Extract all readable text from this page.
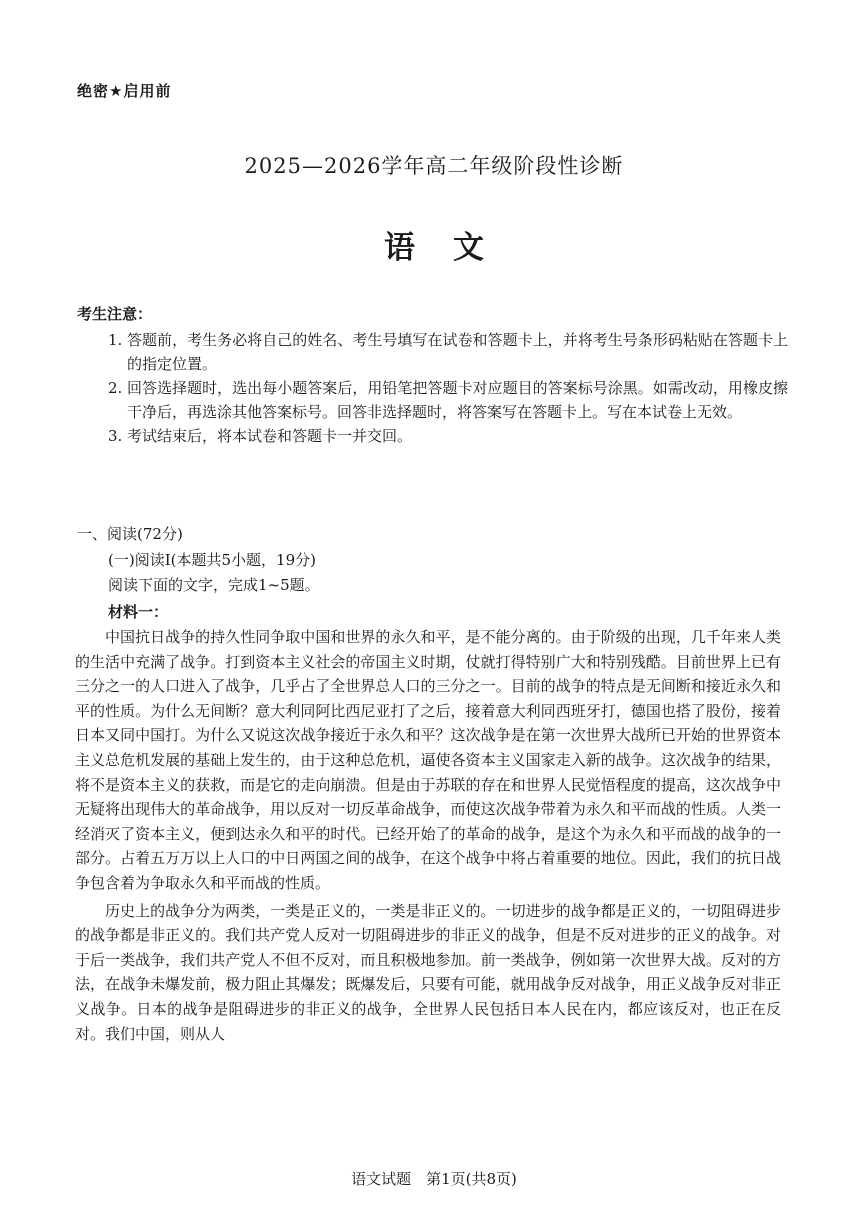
绝密★启用前
2025—2026学年高二年级阶段性诊断
语文
考生注意：
1. 答题前，考生务必将自己的姓名、考生号填写在试卷和答题卡上，并将考生号条形码粘贴在答题卡上的指定位置。
2. 回答选择题时，选出每小题答案后，用铅笔把答题卡对应题目的答案标号涂黑。如需改动，用橡皮擦干净后，再选涂其他答案标号。回答非选择题时，将答案写在答题卡上。写在本试卷上无效。
3. 考试结束后，将本试卷和答题卡一并交回。
一、阅读(72分)
(一)阅读Ⅰ(本题共5小题，19分)
阅读下面的文字，完成1~5题。
材料一：

中国抗日战争的持久性同争取中国和世界的永久和平，是不能分离的。由于阶级的出现，几千年来人类的生活中充满了战争。打到资本主义社会的帝国主义时期，仗就打得特别广大和特别残酷。目前世界上已有三分之一的人口进入了战争，几乎占了全世界总人口的三分之一。目前的战争的特点是无间断和接近永久和平的性质。为什么无间断？意大利同阿比西尼亚打了之后，接着意大利同西班牙打，德国也搭了股份，接着日本又同中国打。为什么又说这次战争接近于永久和平？这次战争是在第一次世界大战所已开始的世界资本主义总危机发展的基础上发生的，由于这种总危机，逼使各资本主义国家走入新的战争。这次战争的结果，将不是资本主义的获救，而是它的走向崩溃。但是由于苏联的存在和世界人民觉悟程度的提高，这次战争中无疑将出现伟大的革命战争，用以反对一切反革命战争，而使这次战争带着为永久和平而战的性质。人类一经消灭了资本主义，便到达永久和平的时代。已经开始了的革命的战争，是这个为永久和平而战的战争的一部分。占着五万万以上人口的中日两国之间的战争，在这个战争中将占着重要的地位。因此，我们的抗日战争包含着为争取永久和平而战的性质。

历史上的战争分为两类，一类是正义的，一类是非正义的。一切进步的战争都是正义的，一切阻碍进步的战争都是非正义的。我们共产党人反对一切阻碍进步的非正义的战争，但是不反对进步的正义的战争。对于后一类战争，我们共产党人不但不反对，而且积极地参加。前一类战争，例如第一次世界大战。反对的方法，在战争未爆发前，极力阻止其爆发；既爆发后，只要有可能，就用战争反对战争，用正义战争反对非正义战争。日本的战争是阻碍进步的非正义的战争，全世界人民包括日本人民在内，都应该反对，也正在反对。我们中国，则从人

语文试题　第1页(共8页)
